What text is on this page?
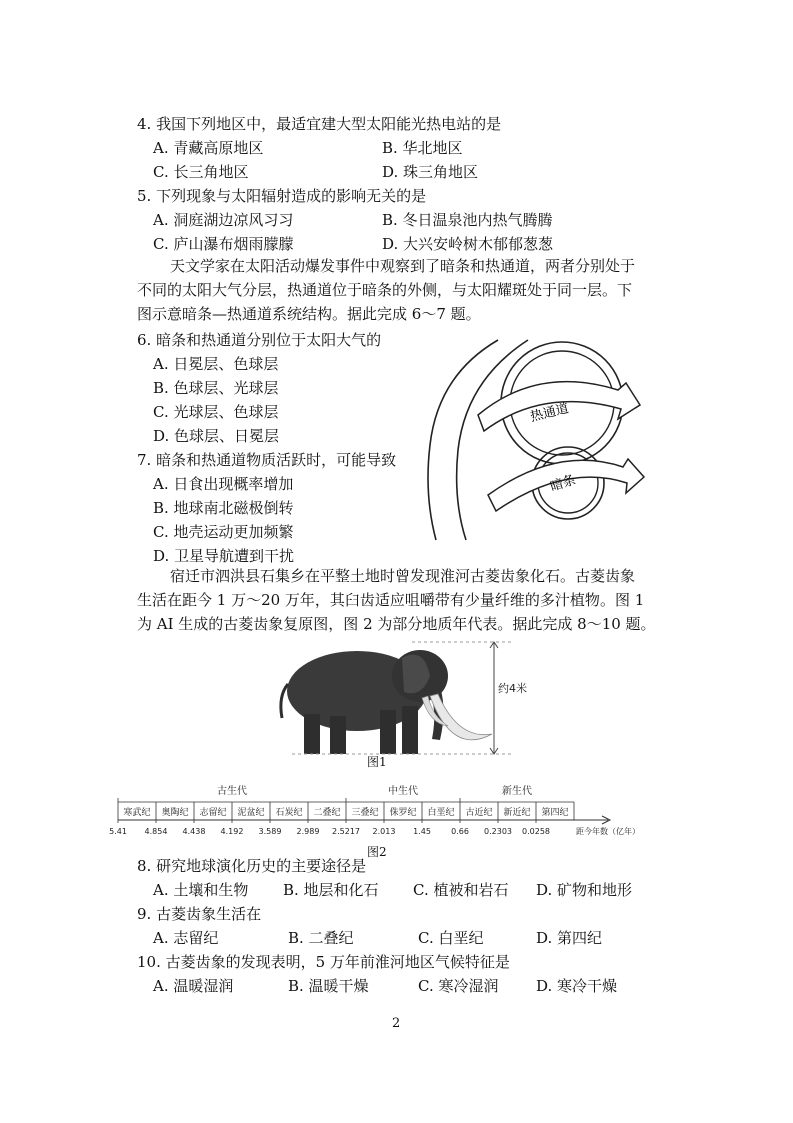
4. 我国下列地区中，最适宜建大型太阳能光热电站的是
A. 青藏高原地区	B. 华北地区
C. 长三角地区	D. 珠三角地区
5. 下列现象与太阳辐射造成的影响无关的是
A. 洞庭湖边凉风习习	B. 冬日温泉池内热气腾腾
C. 庐山瀑布烟雨朦朦	D. 大兴安岭树木郁郁葱葱
天文学家在太阳活动爆发事件中观察到了暗条和热通道，两者分别处于
不同的太阳大气分层，热通道位于暗条的外侧，与太阳耀斑处于同一层。下
图示意暗条—热通道系统结构。据此完成 6～7 题。
6. 暗条和热通道分别位于太阳大气的
A. 日冕层、色球层
B. 色球层、光球层
C. 光球层、色球层
D. 色球层、日冕层
7. 暗条和热通道物质活跃时，可能导致
A. 日食出现概率增加
B. 地球南北磁极倒转
C. 地壳运动更加频繁
D. 卫星导航遭到干扰
热通道
暗条
宿迁市泗洪县石集乡在平整土地时曾发现淮河古菱齿象化石。古菱齿象
生活在距今 1 万～20 万年，其臼齿适应咀嚼带有少量纤维的多汁植物。图 1
为 AI 生成的古菱齿象复原图，图 2 为部分地质年代表。据此完成 8～10 题。
约4米
图1
古生代	中生代	新生代
寒武纪
5.41
奥陶纪
4.854
志留纪
4.438
泥盆纪
4.192
石炭纪
3.589
二叠纪
2.989
三叠纪
2.5217
侏罗纪
2.013
白垩纪
1.45
古近纪
0.66
新近纪
0.2303
第四纪
0.0258	距今年数（亿年）
图2
8. 研究地球演化历史的主要途径是
A. 土壤和生物 B. 地层和化石 C. 植被和岩石 D. 矿物和地形
9. 古菱齿象生活在
A. 志留纪	B. 二叠纪	C. 白垩纪	D. 第四纪
10. 古菱齿象的发现表明，5 万年前淮河地区气候特征是
A. 温暖湿润	B. 温暖干燥	C. 寒冷湿润	D. 寒冷干燥
2
